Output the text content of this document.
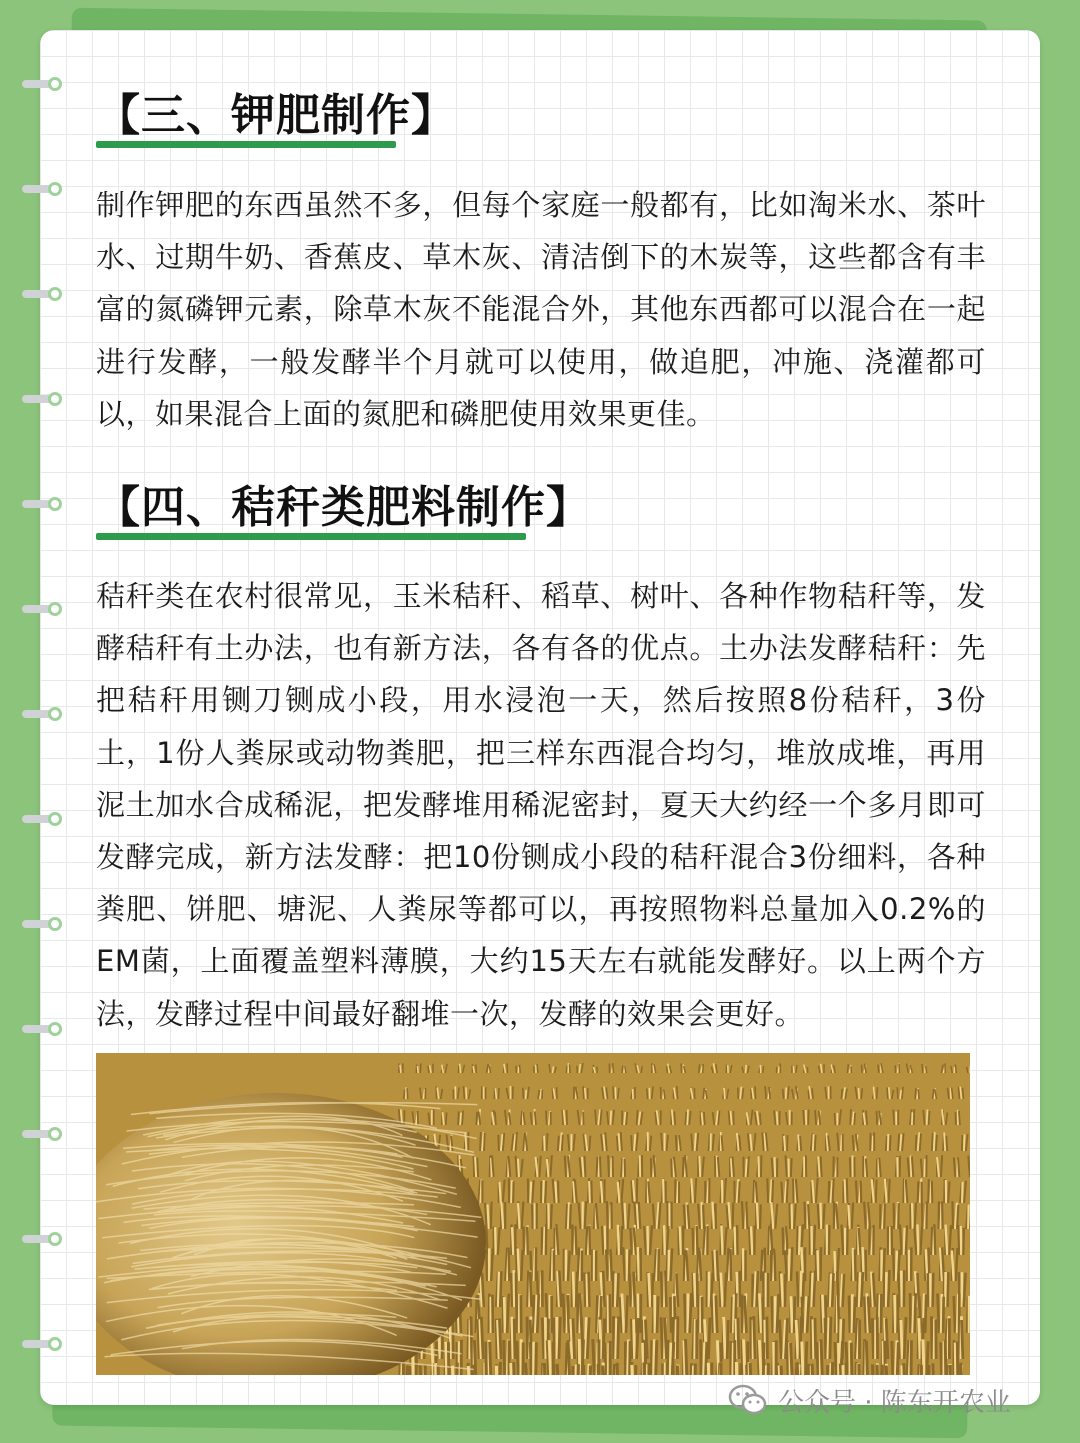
【三、钾肥制作】

制作钾肥的东西虽然不多，但每个家庭一般都有，比如淘米水、茶叶水、过期牛奶、香蕉皮、草木灰、清洁倒下的木炭等，这些都含有丰富的氮磷钾元素，除草木灰不能混合外，其他东西都可以混合在一起进行发酵，一般发酵半个月就可以使用，做追肥，冲施、浇灌都可以，如果混合上面的氮肥和磷肥使用效果更佳。

【四、秸秆类肥料制作】

秸秆类在农村很常见，玉米秸秆、稻草、树叶、各种作物秸秆等，发酵秸秆有土办法，也有新方法，各有各的优点。土办法发酵秸秆：先把秸秆用铡刀铡成小段，用水浸泡一天，然后按照8份秸秆，3份土，1份人粪尿或动物粪肥，把三样东西混合均匀，堆放成堆，再用泥土加水合成稀泥，把发酵堆用稀泥密封，夏天大约经一个多月即可发酵完成，新方法发酵：把10份铡成小段的秸秆混合3份细料，各种粪肥、饼肥、塘泥、人粪尿等都可以，再按照物料总量加入0.2%的EM菌，上面覆盖塑料薄膜，大约15天左右就能发酵好。以上两个方法，发酵过程中间最好翻堆一次，发酵的效果会更好。

公众号 · 陈东开农业
